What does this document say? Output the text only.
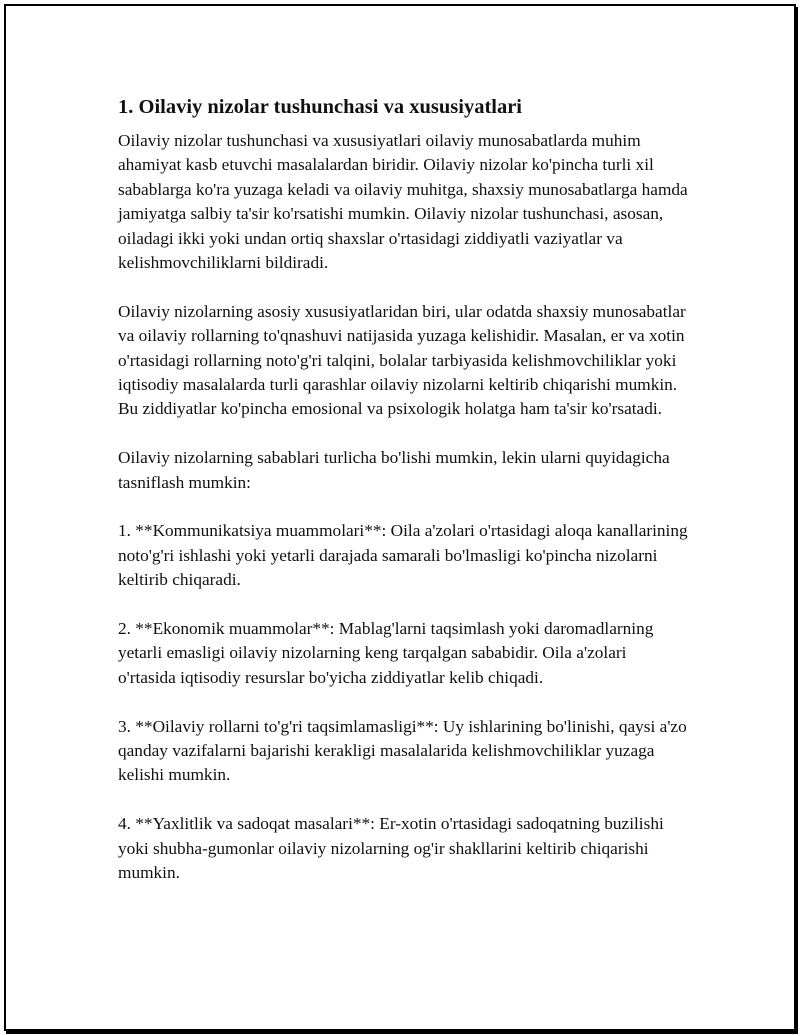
1. Oilaviy nizolar tushunchasi va xususiyatlari

Oilaviy nizolar tushunchasi va xususiyatlari oilaviy munosabatlarda muhim ahamiyat kasb etuvchi masalalardan biridir. Oilaviy nizolar ko'pincha turli xil sabablarga ko'ra yuzaga keladi va oilaviy muhitga, shaxsiy munosabatlarga hamda jamiyatga salbiy ta'sir ko'rsatishi mumkin. Oilaviy nizolar tushunchasi, asosan, oiladagi ikki yoki undan ortiq shaxslar o'rtasidagi ziddiyatli vaziyatlar va kelishmovchiliklarni bildiradi.

Oilaviy nizolarning asosiy xususiyatlaridan biri, ular odatda shaxsiy munosabatlar va oilaviy rollarning to'qnashuvi natijasida yuzaga kelishidir. Masalan, er va xotin o'rtasidagi rollarning noto'g'ri talqini, bolalar tarbiyasida kelishmovchiliklar yoki iqtisodiy masalalarda turli qarashlar oilaviy nizolarni keltirib chiqarishi mumkin. Bu ziddiyatlar ko'pincha emosional va psixologik holatga ham ta'sir ko'rsatadi.

Oilaviy nizolarning sabablari turlicha bo'lishi mumkin, lekin ularni quyidagicha tasniflash mumkin:

1. **Kommunikatsiya muammolari**: Oila a'zolari o'rtasidagi aloqa kanallarining noto'g'ri ishlashi yoki yetarli darajada samarali bo'lmasligi ko'pincha nizolarni keltirib chiqaradi.

2. **Ekonomik muammolar**: Mablag'larni taqsimlash yoki daromadlarning yetarli emasligi oilaviy nizolarning keng tarqalgan sababidir. Oila a'zolari o'rtasida iqtisodiy resurslar bo'yicha ziddiyatlar kelib chiqadi.

3. **Oilaviy rollarni to'g'ri taqsimlamasligi**: Uy ishlarining bo'linishi, qaysi a'zo qanday vazifalarni bajarishi kerakligi masalalarida kelishmovchiliklar yuzaga kelishi mumkin.

4. **Yaxlitlik va sadoqat masalari**: Er-xotin o'rtasidagi sadoqatning buzilishi yoki shubha-gumonlar oilaviy nizolarning og'ir shakllarini keltirib chiqarishi mumkin.
